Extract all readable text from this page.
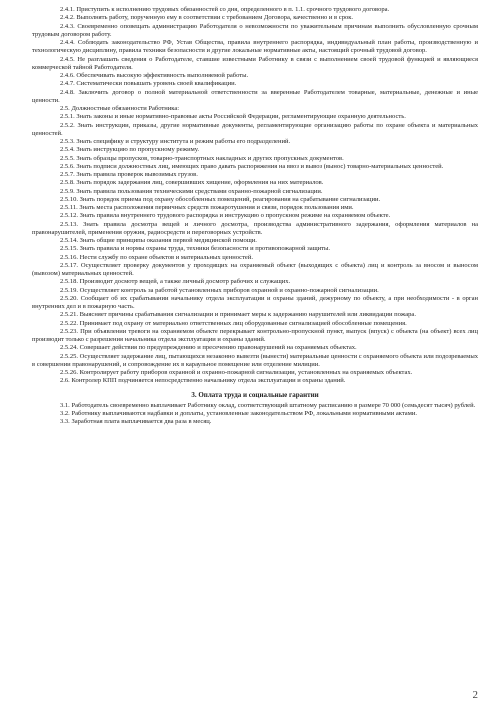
2.4.1. Приступить к исполнению трудовых обязанностей со дня, определенного в п. 1.1. срочного трудового договора.

2.4.2. Выполнять работу, порученную ему в соответствии с требованием Договора, качественно и в срок.

2.4.3. Своевременно оповещать администрацию Работодателя о невозможности по уважительным причинам выполнить обусловленную срочным трудовым договором работу.

2.4.4. Соблюдать законодательство РФ, Устав Общества, правила внутреннего распорядка, индивидуальный план работы, производственную и технологическую дисциплину, правила техники безопасности и другие локальные нормативные акты, настоящий срочный трудовой договор.

2.4.5. Не разглашать сведения о Работодателе, ставшие известными Работнику в связи с выполнением своей трудовой функцией и являющиеся коммерческой тайной Работодателя.

2.4.6. Обеспечивать высокую эффективность выполняемой работы.

2.4.7. Систематически повышать уровень своей квалификации.

2.4.8. Заключить договор о полной материальной ответственности за вверенные Работодателем товарные, материальные, денежные и иные ценности.

2.5. Должностные обязанности Работника:

2.5.1. Знать законы и иные нормативно-правовые акты Российской Федерации, регламентирующие охранную деятельность.

2.5.2. Знать инструкции, приказы, другие нормативные документы, регламентирующие организацию работы по охране объекта и материальных ценностей.

2.5.3. Знать специфику и структуру института и режим работы его подразделений.

2.5.4. Знать инструкцию по пропускному режиму.

2.5.5. Знать образцы пропусков, товарно-транспортных накладных и других пропускных документов.

2.5.6. Знать подписи должностных лиц, имеющих право давать распоряжения на ввоз и вывоз (вынос) товарно-материальных ценностей.

2.5.7. Знать правила проверок вывозимых грузов.

2.5.8. Знать порядок задержания лиц, совершивших хищение, оформления на них материалов.

2.5.9. Знать правила пользования техническими средствами охранно-пожарной сигнализации.

2.5.10. Знать порядок приема под охрану обособленных помещений, реагирования на срабатывание сигнализации.

2.5.11. Знать места расположения первичных средств пожаротушения и связи, порядок пользования ими.

2.5.12. Знать правила внутреннего трудового распорядка и инструкцию о пропускном режиме на охраняемом объекте.

2.5.13. Знать правила досмотра вещей и личного досмотра, производства административного задержания, оформления материалов на правонарушителей, применения оружия, радиосредств и переговорных устройств.

2.5.14. Знать общие принципы оказания первой медицинской помощи.

2.5.15. Знать правила и нормы охраны труда, техники безопасности и противопожарной защиты.

2.5.16. Нести службу по охране объектов и материальных ценностей.

2.5.17. Осуществляет проверку документов у проходящих на охраняемый объект (выходящих с объекта) лиц и контроль за вносом и выносом (вывозом) материальных ценностей.

2.5.18. Производит досмотр вещей, а также личный досмотр рабочих и служащих.

2.5.19. Осуществляет контроль за работой установленных приборов охранной и охранно-пожарной сигнализации.

2.5.20. Сообщает об их срабатывании начальнику отдела эксплуатации и охраны зданий, дежурному по объекту, а при необходимости - в орган внутренних дел и в пожарную часть.

2.5.21. Выясняет причины срабатывания сигнализации и принимает меры к задержанию нарушителей или ликвидации пожара.

2.5.22. Принимает под охрану от материально ответственных лиц оборудованные сигнализацией обособленные помещения.

2.5.23. При объявлении тревоги на охраняемом объекте перекрывает контрольно-пропускной пункт, выпуск (впуск) с объекта (на объект) всех лиц производит только с разрешения начальника отдела эксплуатации и охраны зданий.

2.5.24. Совершает действия по предупреждению и пресечению правонарушений на охраняемых объектах.

2.5.25. Осуществляет задержание лиц, пытающихся незаконно вывезти (вынести) материальные ценности с охраняемого объекта или подозреваемых в совершении правонарушений, и сопровождение их в караульное помещение или отделение милиции.

2.5.26. Контролирует работу приборов охранной и охранно-пожарной сигнализации, установленных на охраняемых объектах.

2.6. Контролер КПП подчиняется непосредственно начальнику отдела эксплуатации и охраны зданий.

3. Оплата труда и социальные гарантии

3.1. Работодатель своевременно выплачивает Работнику оклад, соответствующий штатному расписанию в размере 70 000 (семьдесят тысяч) рублей.

3.2. Работнику выплачиваются надбавки и доплаты, установленные законодательством РФ, локальными нормативными актами.

3.3. Заработная плата выплачивается два раза в месяц.

2
